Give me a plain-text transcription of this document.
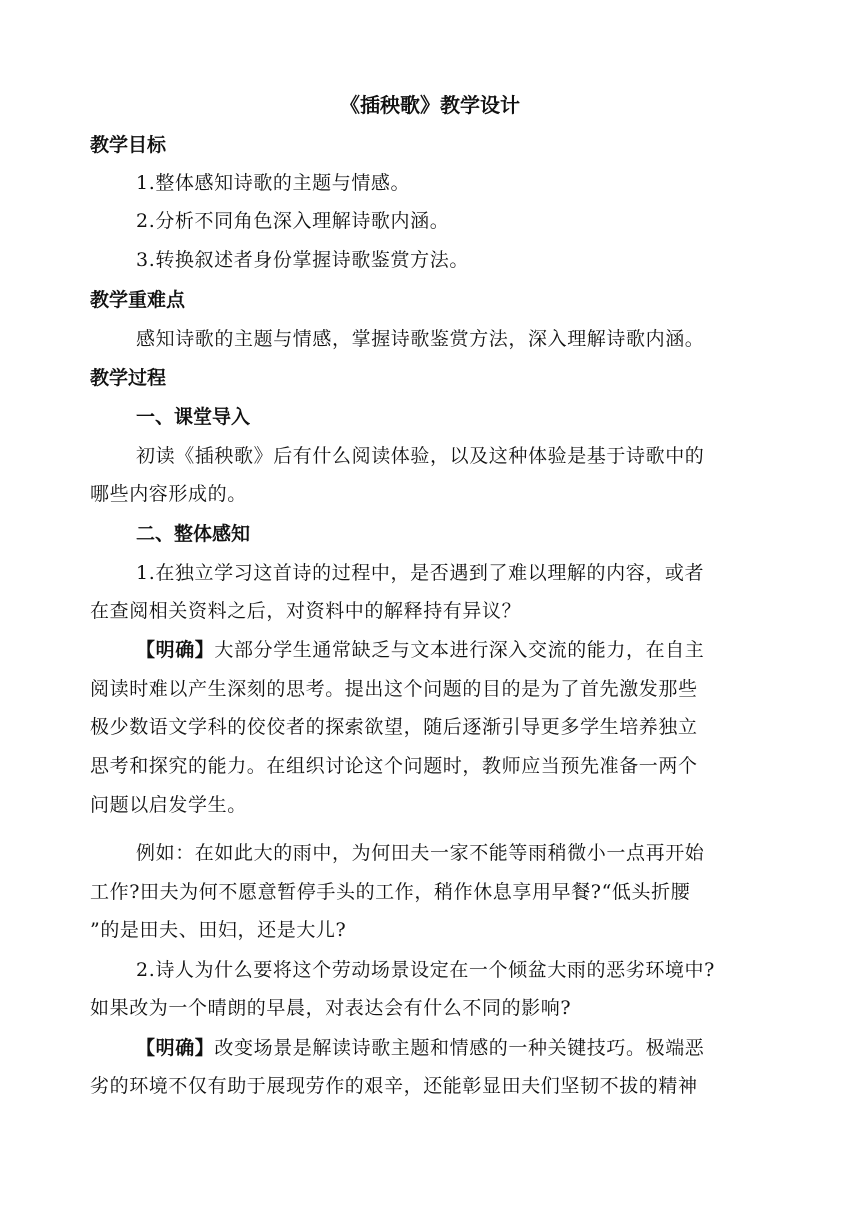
《插秧歌》教学设计
教学目标
1.整体感知诗歌的主题与情感。
2.分析不同角色深入理解诗歌内涵。
3.转换叙述者身份掌握诗歌鉴赏方法。
教学重难点
感知诗歌的主题与情感，掌握诗歌鉴赏方法，深入理解诗歌内涵。
教学过程
一、课堂导入
初读《插秧歌》后有什么阅读体验，以及这种体验是基于诗歌中的
哪些内容形成的。
二、整体感知
1.在独立学习这首诗的过程中，是否遇到了难以理解的内容，或者
在查阅相关资料之后，对资料中的解释持有异议？
【明确】大部分学生通常缺乏与文本进行深入交流的能力，在自主
阅读时难以产生深刻的思考。提出这个问题的目的是为了首先激发那些
极少数语文学科的佼佼者的探索欲望，随后逐渐引导更多学生培养独立
思考和探究的能力。在组织讨论这个问题时，教师应当预先准备一两个
问题以启发学生。
例如：在如此大的雨中，为何田夫一家不能等雨稍微小一点再开始
工作?田夫为何不愿意暂停手头的工作，稍作休息享用早餐?“低头折腰
”的是田夫、田妇，还是大儿?
2.诗人为什么要将这个劳动场景设定在一个倾盆大雨的恶劣环境中?
如果改为一个晴朗的早晨，对表达会有什么不同的影响?
【明确】改变场景是解读诗歌主题和情感的一种关键技巧。极端恶
劣的环境不仅有助于展现劳作的艰辛，还能彰显田夫们坚韧不拔的精神
